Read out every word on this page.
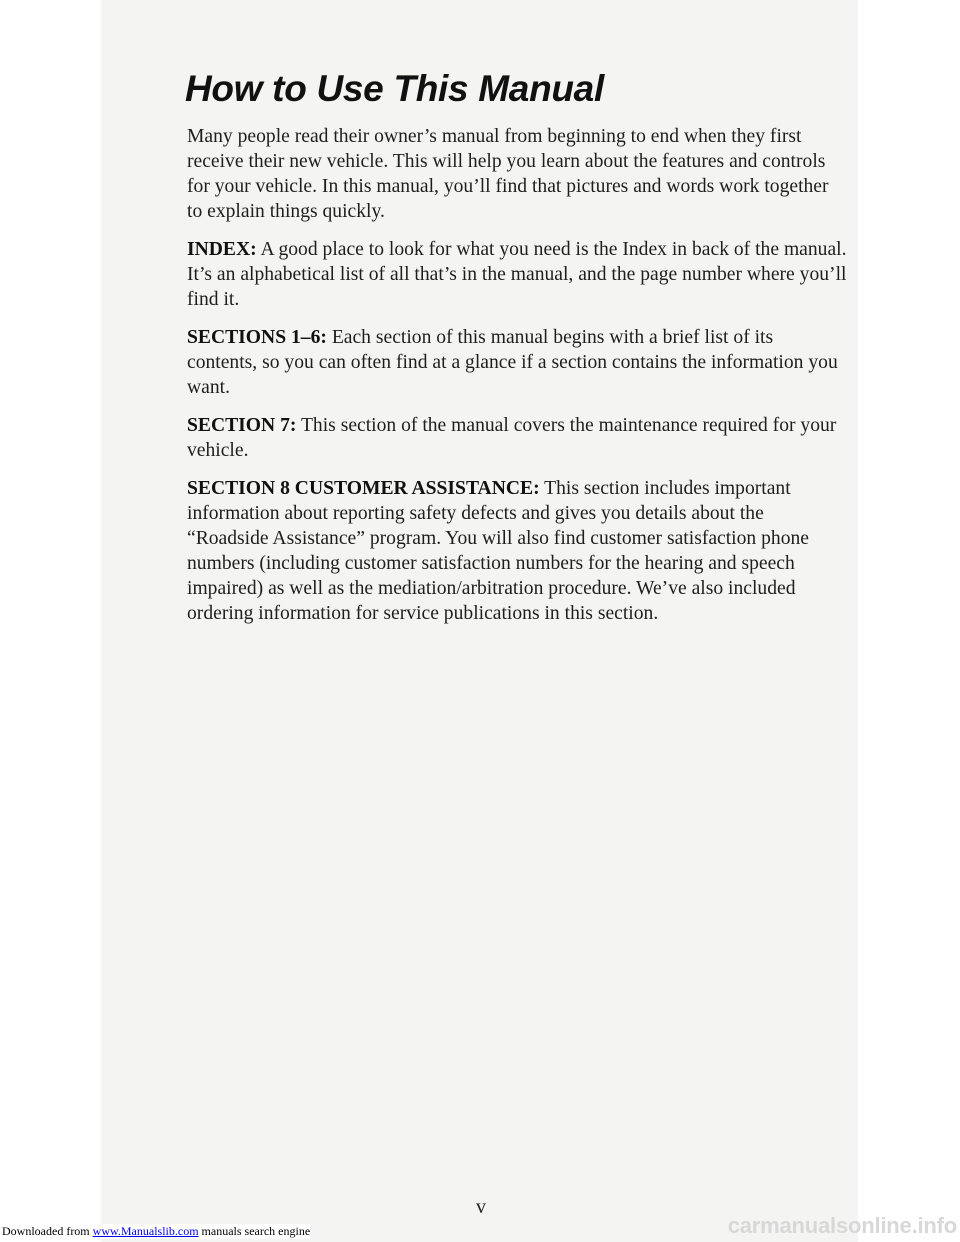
How to Use This Manual

Many people read their owner’s manual from beginning to end when they first receive their new vehicle. This will help you learn about the features and controls for your vehicle. In this manual, you’ll find that pictures and words work together to explain things quickly.

INDEX: A good place to look for what you need is the Index in back of the manual. It’s an alphabetical list of all that’s in the manual, and the page number where you’ll find it.

SECTIONS 1–6: Each section of this manual begins with a brief list of its contents, so you can often find at a glance if a section contains the information you want.

SECTION 7: This section of the manual covers the maintenance required for your vehicle.

SECTION 8 CUSTOMER ASSISTANCE: This section includes important information about reporting safety defects and gives you details about the “Roadside Assistance” program. You will also find customer satisfaction phone numbers (including customer satisfaction numbers for the hearing and speech impaired) as well as the mediation/arbitration procedure. We’ve also included ordering information for service publications in this section.

v
Downloaded from www.Manualslib.com manuals search engine	carmanualsonline.info
